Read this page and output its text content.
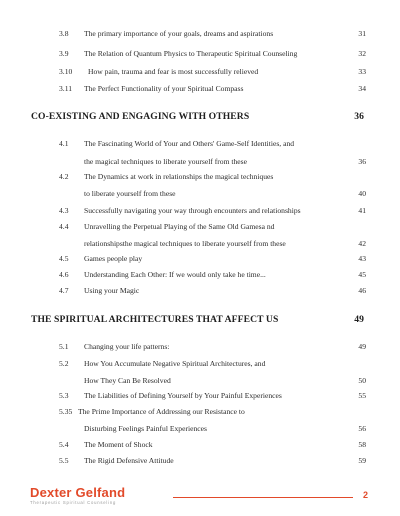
3.8 The primary importance of your goals, dreams and aspirations	31
3.9 The Relation of Quantum Physics to Therapeutic Spiritual Counseling	32
3.10 How pain, trauma and fear is most successfully relieved	33
3.11 The Perfect Functionality of your Spiritual Compass	34
CO-EXISTING AND ENGAGING WITH OTHERS	36
4.1 The Fascinating World of Your and Others' Game-Self Identities, and
the magical techniques to liberate yourself from these	36
4.2 The Dynamics at work in relationships the magical techniques
to liberate yourself from these	40
4.3 Successfully navigating your way through encounters and relationships	41
4.4 Unravelling the Perpetual Playing of the Same Old Gamesa nd
relationshipsthe magical techniques to liberate yourself from these	42
4.5 Games people play	43
4.6 Understanding Each Other: If we would only take he time...	45
4.7 Using your Magic	46
THE SPIRITUAL ARCHITECTURES THAT AFFECT US	49
5.1 Changing your life patterns:	49
5.2 How You Accumulate Negative Spiritual Architectures, and
How They Can Be Resolved	50
5.3 The Liabilities of Defining Yourself by Your Painful Experiences	55
5.35 The Prime Importance of Addressing our Resistance to
Disturbing Feelings Painful Experiences	56
5.4 The Moment of Shock	58
5.5 The Rigid Defensive Attitude	59
Dexter Gelfand
Therapeutic Spiritual Counseling
2
